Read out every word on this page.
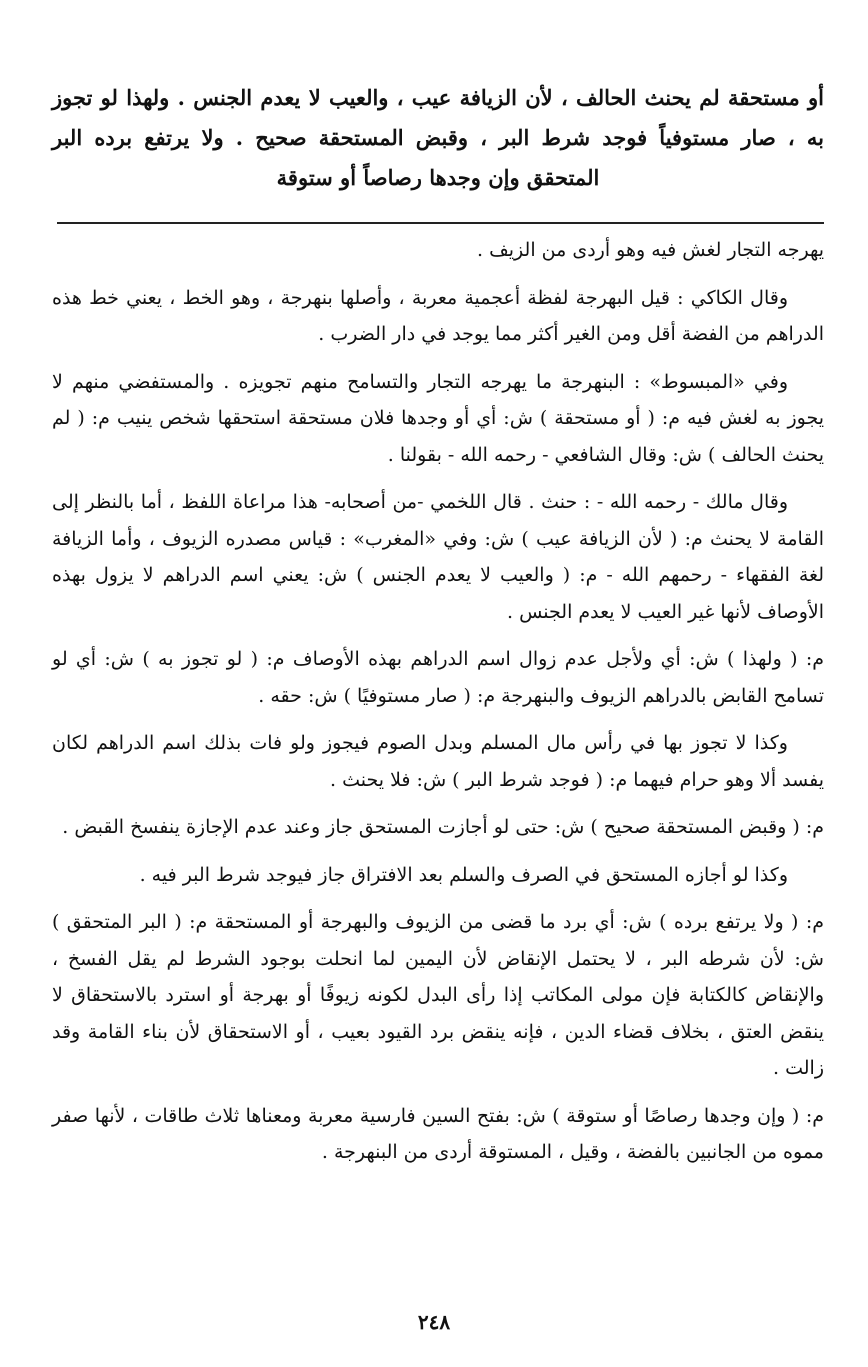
أو مستحقة لم يحنث الحالف ، لأن الزيافة عيب ، والعيب لا يعدم الجنس . ولهذا لو تجوز به ، صار مستوفياً فوجد شرط البر ، وقبض المستحقة صحيح . ولا يرتفع برده البر المتحقق وإن وجدها رصاصاً أو ستوقة

يهرجه التجار لغش فيه وهو أردى من الزيف .

وقال الكاكي : قيل البهرجة لفظة أعجمية معربة ، وأصلها بنهرجة ، وهو الخط ، يعني خط هذه الدراهم من الفضة أقل ومن الغير أكثر مما يوجد في دار الضرب .

وفي «المبسوط» : البنهرجة ما يهرجه التجار والتسامح منهم تجويزه . والمستفضي منهم لا يجوز به لغش فيه م: ( أو مستحقة ) ش: أي أو وجدها فلان مستحقة استحقها شخص ينيب م: ( لم يحنث الحالف ) ش: وقال الشافعي - رحمه الله - بقولنا .

وقال مالك - رحمه الله - : حنث . قال اللخمي -من أصحابه- هذا مراعاة اللفظ ، أما بالنظر إلى القامة لا يحنث م: ( لأن الزيافة عيب ) ش: وفي «المغرب» : قياس مصدره الزيوف ، وأما الزيافة لغة الفقهاء - رحمهم الله - م: ( والعيب لا يعدم الجنس ) ش: يعني اسم الدراهم لا يزول بهذه الأوصاف لأنها غير العيب لا يعدم الجنس .

م: ( ولهذا ) ش: أي ولأجل عدم زوال اسم الدراهم بهذه الأوصاف م: ( لو تجوز به ) ش: أي لو تسامح القابض بالدراهم الزيوف والبنهرجة م: ( صار مستوفيًا ) ش: حقه .

وكذا لا تجوز بها في رأس مال المسلم وبدل الصوم فيجوز ولو فات بذلك اسم الدراهم لكان يفسد ألا وهو حرام فيهما م: ( فوجد شرط البر ) ش: فلا يحنث .

م: ( وقبض المستحقة صحيح ) ش: حتى لو أجازت المستحق جاز وعند عدم الإجازة ينفسخ القبض .

وكذا لو أجازه المستحق في الصرف والسلم بعد الافتراق جاز فيوجد شرط البر فيه .

م: ( ولا يرتفع برده ) ش: أي برد ما قضى من الزيوف والبهرجة أو المستحقة م: ( البر المتحقق ) ش: لأن شرطه البر ، لا يحتمل الإنقاض لأن اليمين لما انحلت بوجود الشرط لم يقل الفسخ ، والإنقاض كالكتابة فإن مولى المكاتب إذا رأى البدل لكونه زيوفًا أو بهرجة أو استرد بالاستحقاق لا ينقض العتق ، بخلاف قضاء الدين ، فإنه ينقض برد القيود بعيب ، أو الاستحقاق لأن بناء القامة وقد زالت .

م: ( وإن وجدها رصاصًا أو ستوقة ) ش: بفتح السين فارسية معربة ومعناها ثلاث طاقات ، لأنها صفر مموه من الجانبين بالفضة ، وقيل ، المستوقة أردى من البنهرجة .

٢٤٨
